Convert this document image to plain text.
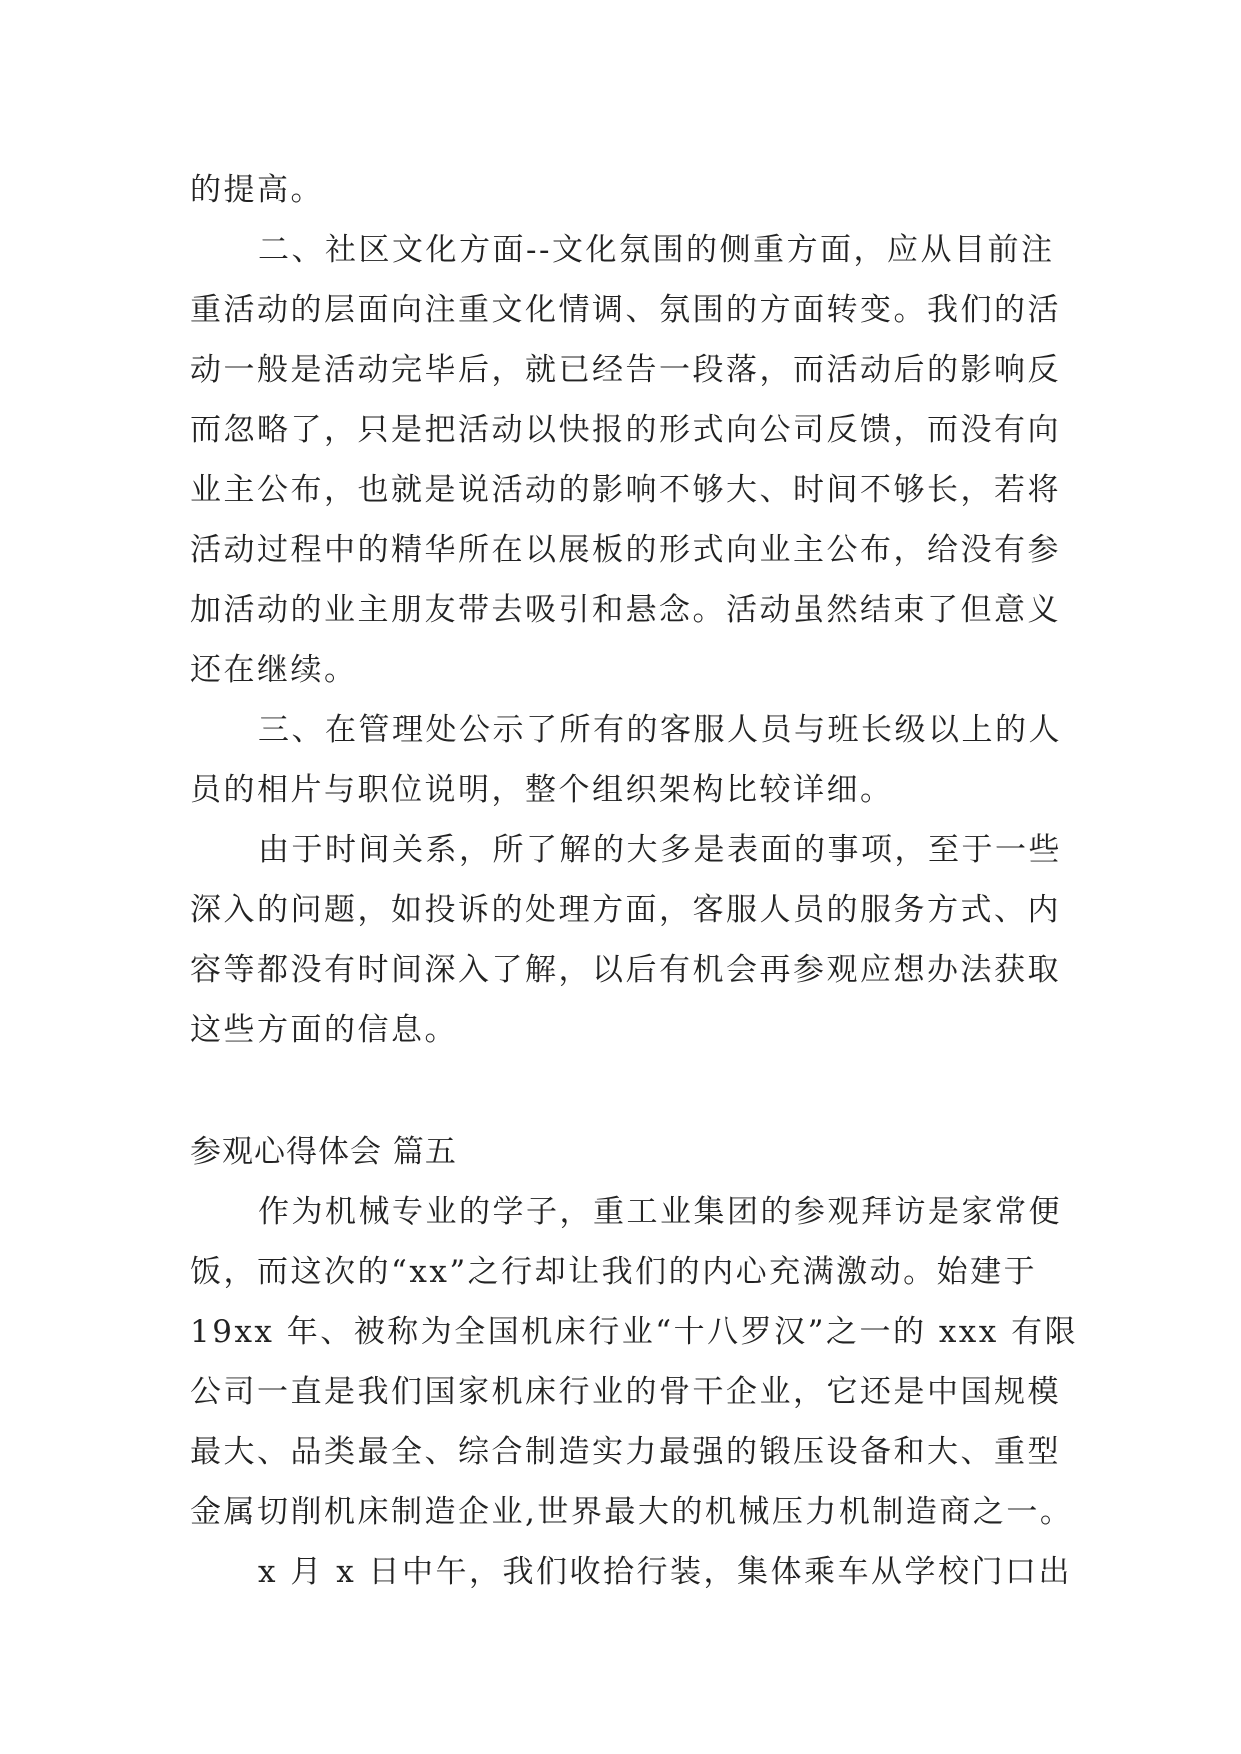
的提高。
二、社区文化方面--文化氛围的侧重方面，应从目前注
重活动的层面向注重文化情调、氛围的方面转变。我们的活
动一般是活动完毕后，就已经告一段落，而活动后的影响反
而忽略了，只是把活动以快报的形式向公司反馈，而没有向
业主公布，也就是说活动的影响不够大、时间不够长，若将
活动过程中的精华所在以展板的形式向业主公布，给没有参
加活动的业主朋友带去吸引和悬念。活动虽然结束了但意义
还在继续。
三、在管理处公示了所有的客服人员与班长级以上的人
员的相片与职位说明，整个组织架构比较详细。
由于时间关系，所了解的大多是表面的事项，至于一些
深入的问题，如投诉的处理方面，客服人员的服务方式、内
容等都没有时间深入了解，以后有机会再参观应想办法获取
这些方面的信息。
参观心得体会 篇五
作为机械专业的学子，重工业集团的参观拜访是家常便
饭，而这次的“xx”之行却让我们的内心充满激动。始建于
19xx 年、被称为全国机床行业“十八罗汉”之一的 xxx 有限
公司一直是我们国家机床行业的骨干企业，它还是中国规模
最大、品类最全、综合制造实力最强的锻压设备和大、重型
金属切削机床制造企业,世界最大的机械压力机制造商之一。
x 月 x 日中午，我们收拾行装，集体乘车从学校门口出
